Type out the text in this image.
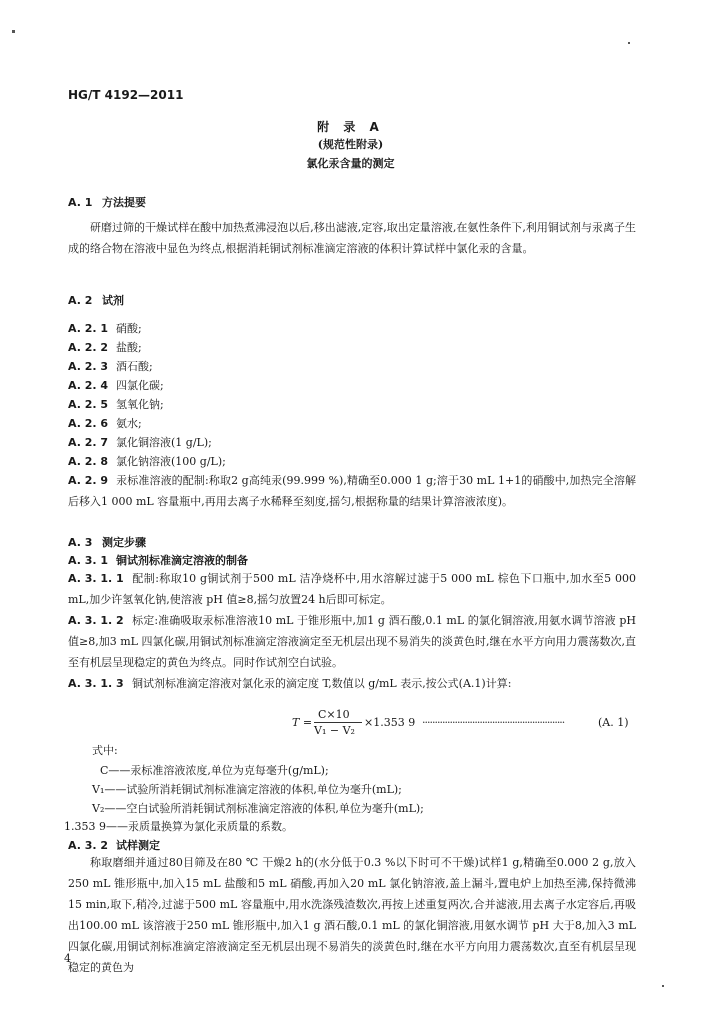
HG/T 4192—2011
附 录 A
(规范性附录)
氯化汞含量的测定
A. 1 方法提要
研磨过筛的干燥试样在酸中加热煮沸浸泡以后,移出滤液,定容,取出定量溶液,在氨性条件下,利用铜试剂与汞离子生成的络合物在溶液中显色为终点,根据消耗铜试剂标准滴定溶液的体积计算试样中氯化汞的含量。
A. 2 试剂
A. 2. 1 硝酸;
A. 2. 2 盐酸;
A. 2. 3 酒石酸;
A. 2. 4 四氯化碳;
A. 2. 5 氢氧化钠;
A. 2. 6 氨水;
A. 2. 7 氯化铜溶液(1 g/L);
A. 2. 8 氯化钠溶液(100 g/L);
A. 2. 9 汞标准溶液的配制:称取2 g高纯汞(99.999 %),精确至0.000 1 g;溶于30 mL 1+1的硝酸中,加热完全溶解后移入1 000 mL 容量瓶中,再用去离子水稀释至刻度,摇匀,根据称量的结果计算溶液浓度)。
A. 3 测定步骤
A. 3. 1 铜试剂标准滴定溶液的制备
A. 3. 1. 1 配制:称取10 g铜试剂于500 mL 洁净烧杯中,用水溶解过滤于5 000 mL 棕色下口瓶中,加水至5 000 mL,加少许氢氧化钠,使溶液 pH 值≥8,摇匀放置24 h后即可标定。
A. 3. 1. 2 标定:准确吸取汞标准溶液10 mL 于锥形瓶中,加1 g 酒石酸,0.1 mL 的氯化铜溶液,用氨水调节溶液 pH 值≥8,加3 mL 四氯化碳,用铜试剂标准滴定溶液滴定至无机层出现不易消失的淡黄色时,继在水平方向用力震荡数次,直至有机层呈现稳定的黄色为终点。同时作试剂空白试验。
A. 3. 1. 3 铜试剂标准滴定溶液对氯化汞的滴定度 T,数值以 g/mL 表示,按公式(A.1)计算:
T =
C×10
V₁ − V₂
×1.353 9 ·························································	(A. 1)
式中:
C——汞标准溶液浓度,单位为克每毫升(g/mL);
V₁——试验所消耗铜试剂标准滴定溶液的体积,单位为毫升(mL);
V₂——空白试验所消耗铜试剂标准滴定溶液的体积,单位为毫升(mL);
1.353 9——汞质量换算为氯化汞质量的系数。
A. 3. 2 试样测定
称取磨细并通过80目筛及在80 ℃ 干燥2 h的(水分低于0.3 %以下时可不干燥)试样1 g,精确至0.000 2 g,放入250 mL 锥形瓶中,加入15 mL 盐酸和5 mL 硝酸,再加入20 mL 氯化钠溶液,盖上漏斗,置电炉上加热至沸,保持微沸15 min,取下,稍冷,过滤于500 mL 容量瓶中,用水洗涤残渣数次,再按上述重复两次,合并滤液,用去离子水定容后,再吸出100.00 mL 该溶液于250 mL 锥形瓶中,加入1 g 酒石酸,0.1 mL 的氯化铜溶液,用氨水调节 pH 大于8,加入3 mL 四氯化碳,用铜试剂标准滴定溶液滴定至无机层出现不易消失的淡黄色时,继在水平方向用力震荡数次,直至有机层呈现稳定的黄色为
4
